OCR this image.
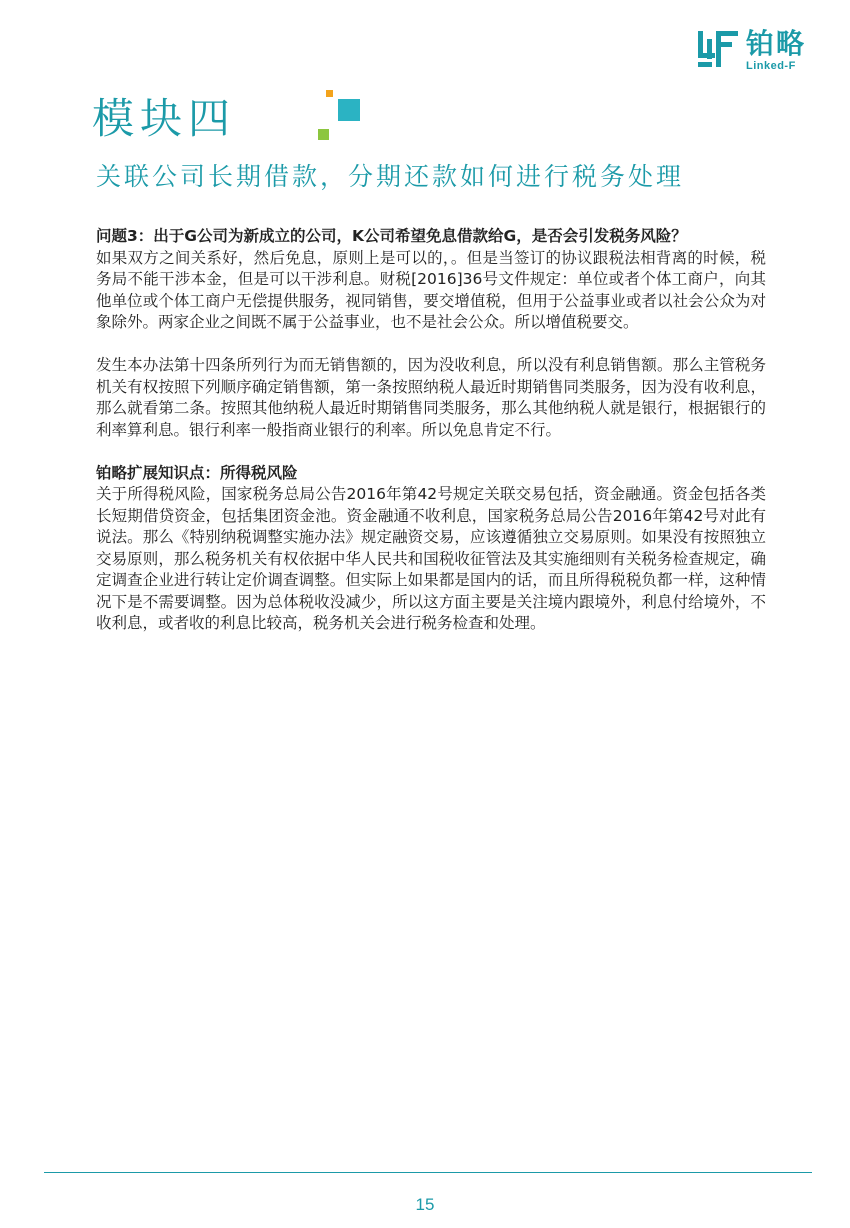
铂略
Linked-F
模块四
关联公司长期借款，分期还款如何进行税务处理

问题3：出于G公司为新成立的公司，K公司希望免息借款给G，是否会引发税务风险？

如果双方之间关系好，然后免息，原则上是可以的，。但是当签订的协议跟税法相背离的时候，税务局不能干涉本金，但是可以干涉利息。财税[2016]36号文件规定：单位或者个体工商户，向其他单位或个体工商户无偿提供服务，视同销售，要交增值税，但用于公益事业或者以社会公众为对象除外。两家企业之间既不属于公益事业，也不是社会公众。所以增值税要交。

发生本办法第十四条所列行为而无销售额的，因为没收利息，所以没有利息销售额。那么主管税务机关有权按照下列顺序确定销售额，第一条按照纳税人最近时期销售同类服务，因为没有收利息，那么就看第二条。按照其他纳税人最近时期销售同类服务，那么其他纳税人就是银行，根据银行的利率算利息。银行利率一般指商业银行的利率。所以免息肯定不行。

铂略扩展知识点：所得税风险

关于所得税风险，国家税务总局公告2016年第42号规定关联交易包括，资金融通。资金包括各类长短期借贷资金，包括集团资金池。资金融通不收利息，国家税务总局公告2016年第42号对此有说法。那么《特别纳税调整实施办法》规定融资交易，应该遵循独立交易原则。如果没有按照独立交易原则，那么税务机关有权依据中华人民共和国税收征管法及其实施细则有关税务检查规定，确定调查企业进行转让定价调查调整。但实际上如果都是国内的话，而且所得税税负都一样，这种情况下是不需要调整。因为总体税收没减少，所以这方面主要是关注境内跟境外，利息付给境外，不收利息，或者收的利息比较高，税务机关会进行税务检查和处理。

15
